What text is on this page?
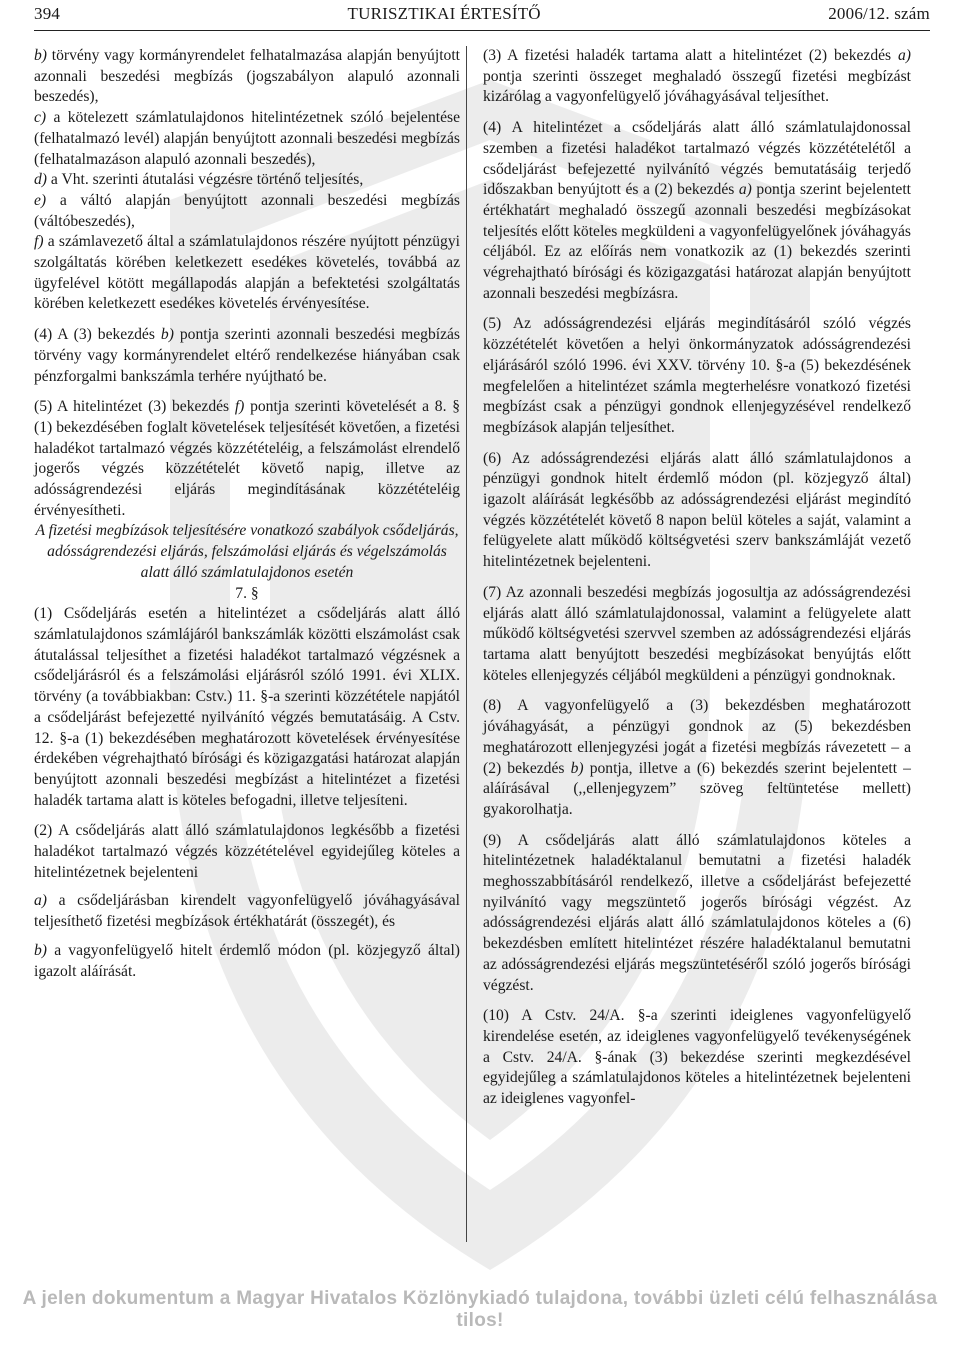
394	TURISZTIKAI ÉRTESÍTŐ	2006/12. szám

b) törvény vagy kormányrendelet felhatalmazása alapján benyújtott azonnali beszedési megbízás (jogszabályon alapuló azonnali beszedés),

c) a kötelezett számlatulajdonos hitelintézetnek szóló bejelentése (felhatalmazó levél) alapján benyújtott azonnali beszedési megbízás (felhatalmazáson alapuló azonnali beszedés),

d) a Vht. szerinti átutalási végzésre történő teljesítés,

e) a váltó alapján benyújtott azonnali beszedési megbízás (váltóbeszedés),

f) a számlavezető által a számlatulajdonos részére nyújtott pénzügyi szolgáltatás körében keletkezett esedékes követelés, továbbá az ügyfelével kötött megállapodás alapján a befektetési szolgáltatás körében keletkezett esedékes követelés érvényesítése.

(4) A (3) bekezdés b) pontja szerinti azonnali beszedési megbízás törvény vagy kormányrendelet eltérő rendelkezése hiányában csak pénzforgalmi bankszámla terhére nyújtható be.

(5) A hitelintézet (3) bekezdés f) pontja szerinti követelését a 8. § (1) bekezdésében foglalt követelések teljesítését követően, a fizetési haladékot tartalmazó végzés közzétételéig, a felszámolást elrendelő jogerős végzés közzétételét követő napig, illetve az adósságrendezési eljárás megindításának közzétételéig érvényesítheti.

A fizetési megbízások teljesítésére vonatkozó szabályok csődeljárás, adósságrendezési eljárás, felszámolási eljárás és végelszámolás alatt álló számlatulajdonos esetén

7. §

(1) Csődeljárás esetén a hitelintézet a csődeljárás alatt álló számlatulajdonos számlájáról bankszámlák közötti elszámolást csak átutalással teljesíthet a fizetési haladékot tartalmazó végzésnek a csődeljárásról és a felszámolási eljárásról szóló 1991. évi XLIX. törvény (a továbbiakban: Cstv.) 11. §-a szerinti közzététele napjától a csődeljárást befejezetté nyilvánító végzés bemutatásáig. A Cstv. 12. §-a (1) bekezdésében meghatározott követelések érvényesítése érdekében végrehajtható bírósági és közigazgatási határozat alapján benyújtott azonnali beszedési megbízást a hitelintézet a fizetési haladék tartama alatt is köteles befogadni, illetve teljesíteni.

(2) A csődeljárás alatt álló számlatulajdonos legkésőbb a fizetési haladékot tartalmazó végzés közzétételével egyidejűleg köteles a hitelintézetnek bejelenteni

a) a csődeljárásban kirendelt vagyonfelügyelő jóváhagyásával teljesíthető fizetési megbízások értékhatárát (összegét), és

b) a vagyonfelügyelő hitelt érdemlő módon (pl. közjegyző által) igazolt aláírását.

(3) A fizetési haladék tartama alatt a hitelintézet (2) bekezdés a) pontja szerinti összeget meghaladó összegű fizetési megbízást kizárólag a vagyonfelügyelő jóváhagyásával teljesíthet.

(4) A hitelintézet a csődeljárás alatt álló számlatulajdonossal szemben a fizetési haladékot tartalmazó végzés közzétételétől a csődeljárást befejezetté nyilvánító végzés bemutatásáig terjedő időszakban benyújtott és a (2) bekezdés a) pontja szerint bejelentett értékhatárt meghaladó összegű azonnali beszedési megbízásokat teljesítés előtt köteles megküldeni a vagyonfelügyelőnek jóváhagyás céljából. Ez az előírás nem vonatkozik az (1) bekezdés szerinti végrehajtható bírósági és közigazgatási határozat alapján benyújtott azonnali beszedési megbízásra.

(5) Az adósságrendezési eljárás megindításáról szóló végzés közzétételét követően a helyi önkormányzatok adósságrendezési eljárásáról szóló 1996. évi XXV. törvény 10. §-a (5) bekezdésének megfelelően a hitelintézet számla megterhelésre vonatkozó fizetési megbízást csak a pénzügyi gondnok ellenjegyzésével rendelkező megbízások alapján teljesíthet.

(6) Az adósságrendezési eljárás alatt álló számlatulajdonos a pénzügyi gondnok hitelt érdemlő módon (pl. közjegyző által) igazolt aláírását legkésőbb az adósságrendezési eljárást megindító végzés közzétételét követő 8 napon belül köteles a saját, valamint a felügyelete alatt működő költségvetési szerv bankszámláját vezető hitelintézetnek bejelenteni.

(7) Az azonnali beszedési megbízás jogosultja az adósságrendezési eljárás alatt álló számlatulajdonossal, valamint a felügyelete alatt működő költségvetési szervvel szemben az adósságrendezési eljárás tartama alatt benyújtott beszedési megbízásokat benyújtás előtt köteles ellenjegyzés céljából megküldeni a pénzügyi gondnoknak.

(8) A vagyonfelügyelő a (3) bekezdésben meghatározott jóváhagyását, a pénzügyi gondnok az (5) bekezdésben meghatározott ellenjegyzési jogát a fizetési megbízás rávezetett – a (2) bekezdés b) pontja, illetve a (6) bekezdés szerint bejelentett – aláírásával (,,ellenjegyzem” szöveg feltüntetése mellett) gyakorolhatja.

(9) A csődeljárás alatt álló számlatulajdonos köteles a hitelintézetnek haladéktalanul bemutatni a fizetési haladék meghosszabbításáról rendelkező, illetve a csődeljárást befejezetté nyilvánító vagy megszüntető jogerős bírósági végzést. Az adósságrendezési eljárás alatt álló számlatulajdonos köteles a (6) bekezdésben említett hitelintézet részére haladéktalanul bemutatni az adósságrendezési eljárás megszüntetéséről szóló jogerős bírósági végzést.

(10) A Cstv. 24/A. §-a szerinti ideiglenes vagyonfelügyelő kirendelése esetén, az ideiglenes vagyonfelügyelő tevékenységének a Cstv. 24/A. §-ának (3) bekezdése szerinti megkezdésével egyidejűleg a számlatulajdonos köteles a hitelintézetnek bejelenteni az ideiglenes vagyonfel-

A jelen dokumentum a Magyar Hivatalos Közlönykiadó tulajdona, további üzleti célú felhasználása tilos!
